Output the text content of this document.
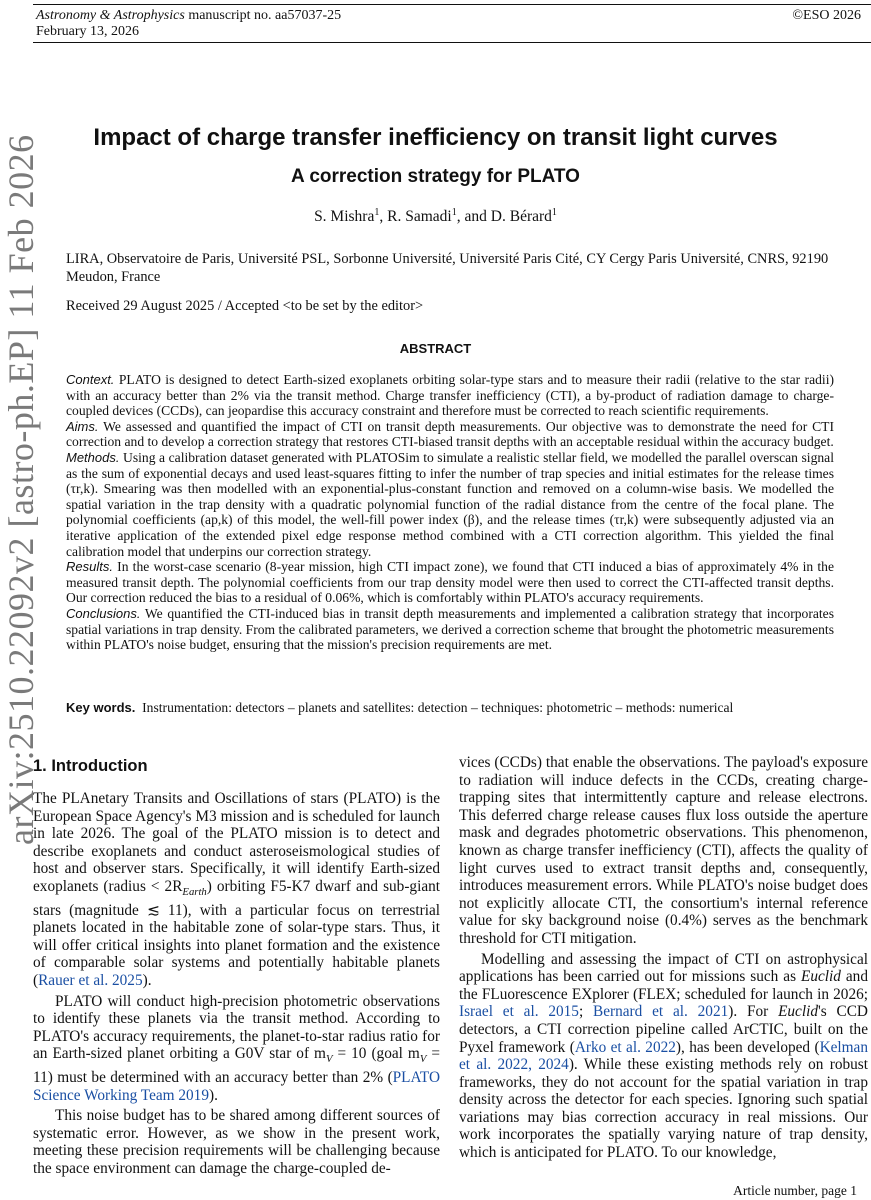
Astronomy & Astrophysics manuscript no. aa57037-25
February 13, 2026
©ESO 2026
arXiv:2510.22092v2 [astro-ph.EP] 11 Feb 2026	Impact of charge transfer inefficiency on transit light curves
A correction strategy for PLATO
S. Mishra$^1$, R. Samadi$^1$, and D. Bérard$^1$
LIRA, Observatoire de Paris, Université PSL, Sorbonne Université, Université Paris Cité, CY Cergy Paris Université, CNRS, 92190 Meudon, France
Received 29 August 2025 / Accepted <to be set by the editor>
ABSTRACT

Context. PLATO is designed to detect Earth-sized exoplanets orbiting solar-type stars and to measure their radii (relative to the star radii) with an accuracy better than 2% via the transit method. Charge transfer inefficiency (CTI), a by-product of radiation damage to charge-coupled devices (CCDs), can jeopardise this accuracy constraint and therefore must be corrected to reach scientific requirements.

Aims. We assessed and quantified the impact of CTI on transit depth measurements. Our objective was to demonstrate the need for CTI correction and to develop a correction strategy that restores CTI-biased transit depths with an acceptable residual within the accuracy budget.

Methods. Using a calibration dataset generated with PLATOSim to simulate a realistic stellar field, we modelled the parallel overscan signal as the sum of exponential decays and used least-squares fitting to infer the number of trap species and initial estimates for the release times (τr,k). Smearing was then modelled with an exponential-plus-constant function and removed on a column-wise basis. We modelled the spatial variation in the trap density with a quadratic polynomial function of the radial distance from the centre of the focal plane. The polynomial coefficients (ap,k) of this model, the well-fill power index (β), and the release times (τr,k) were subsequently adjusted via an iterative application of the extended pixel edge response method combined with a CTI correction algorithm. This yielded the final calibration model that underpins our correction strategy.

Results. In the worst-case scenario (8-year mission, high CTI impact zone), we found that CTI induced a bias of approximately 4% in the measured transit depth. The polynomial coefficients from our trap density model were then used to correct the CTI-affected transit depths. Our correction reduced the bias to a residual of 0.06%, which is comfortably within PLATO's accuracy requirements.

Conclusions. We quantified the CTI-induced bias in transit depth measurements and implemented a calibration strategy that incorporates spatial variations in trap density. From the calibrated parameters, we derived a correction scheme that brought the photometric measurements within PLATO's noise budget, ensuring that the mission's precision requirements are met.

Key words. Instrumentation: detectors – planets and satellites: detection – techniques: photometric – methods: numerical
1. Introduction

The PLAnetary Transits and Oscillations of stars (PLATO) is the European Space Agency's M3 mission and is scheduled for launch in late 2026. The goal of the PLATO mission is to detect and describe exoplanets and conduct asteroseismological studies of host and observer stars. Specifically, it will identify Earth-sized exoplanets (radius < $2R_{Earth}$) orbiting F5-K7 dwarf and sub-giant stars (magnitude ≲ 11), with a particular focus on terrestrial planets located in the habitable zone of solar-type stars. Thus, it will offer critical insights into planet formation and the existence of comparable solar systems and potentially habitable planets (Rauer et al. 2025).

PLATO will conduct high-precision photometric observations to identify these planets via the transit method. According to PLATO's accuracy requirements, the planet-to-star radius ratio for an Earth-sized planet orbiting a G0V star of $m_V = 10$ (goal $m_V = 11$) must be determined with an accuracy better than 2% (PLATO Science Working Team 2019).

This noise budget has to be shared among different sources of systematic error. However, as we show in the present work, meeting these precision requirements will be challenging because the space environment can damage the charge-coupled de-

vices (CCDs) that enable the observations. The payload's exposure to radiation will induce defects in the CCDs, creating charge-trapping sites that intermittently capture and release electrons. This deferred charge release causes flux loss outside the aperture mask and degrades photometric observations. This phenomenon, known as charge transfer inefficiency (CTI), affects the quality of light curves used to extract transit depths and, consequently, introduces measurement errors. While PLATO's noise budget does not explicitly allocate CTI, the consortium's internal reference value for sky background noise (0.4%) serves as the benchmark threshold for CTI mitigation.

Modelling and assessing the impact of CTI on astrophysical applications has been carried out for missions such as Euclid and the FLuorescence EXplorer (FLEX; scheduled for launch in 2026; Israel et al. 2015; Bernard et al. 2021). For Euclid's CCD detectors, a CTI correction pipeline called ArCTIC, built on the Pyxel framework (Arko et al. 2022), has been developed (Kelman et al. 2022, 2024). While these existing methods rely on robust frameworks, they do not account for the spatial variation in trap density across the detector for each species. Ignoring such spatial variations may bias correction accuracy in real missions. Our work incorporates the spatially varying nature of trap density, which is anticipated for PLATO. To our knowledge,

Article number, page 1
